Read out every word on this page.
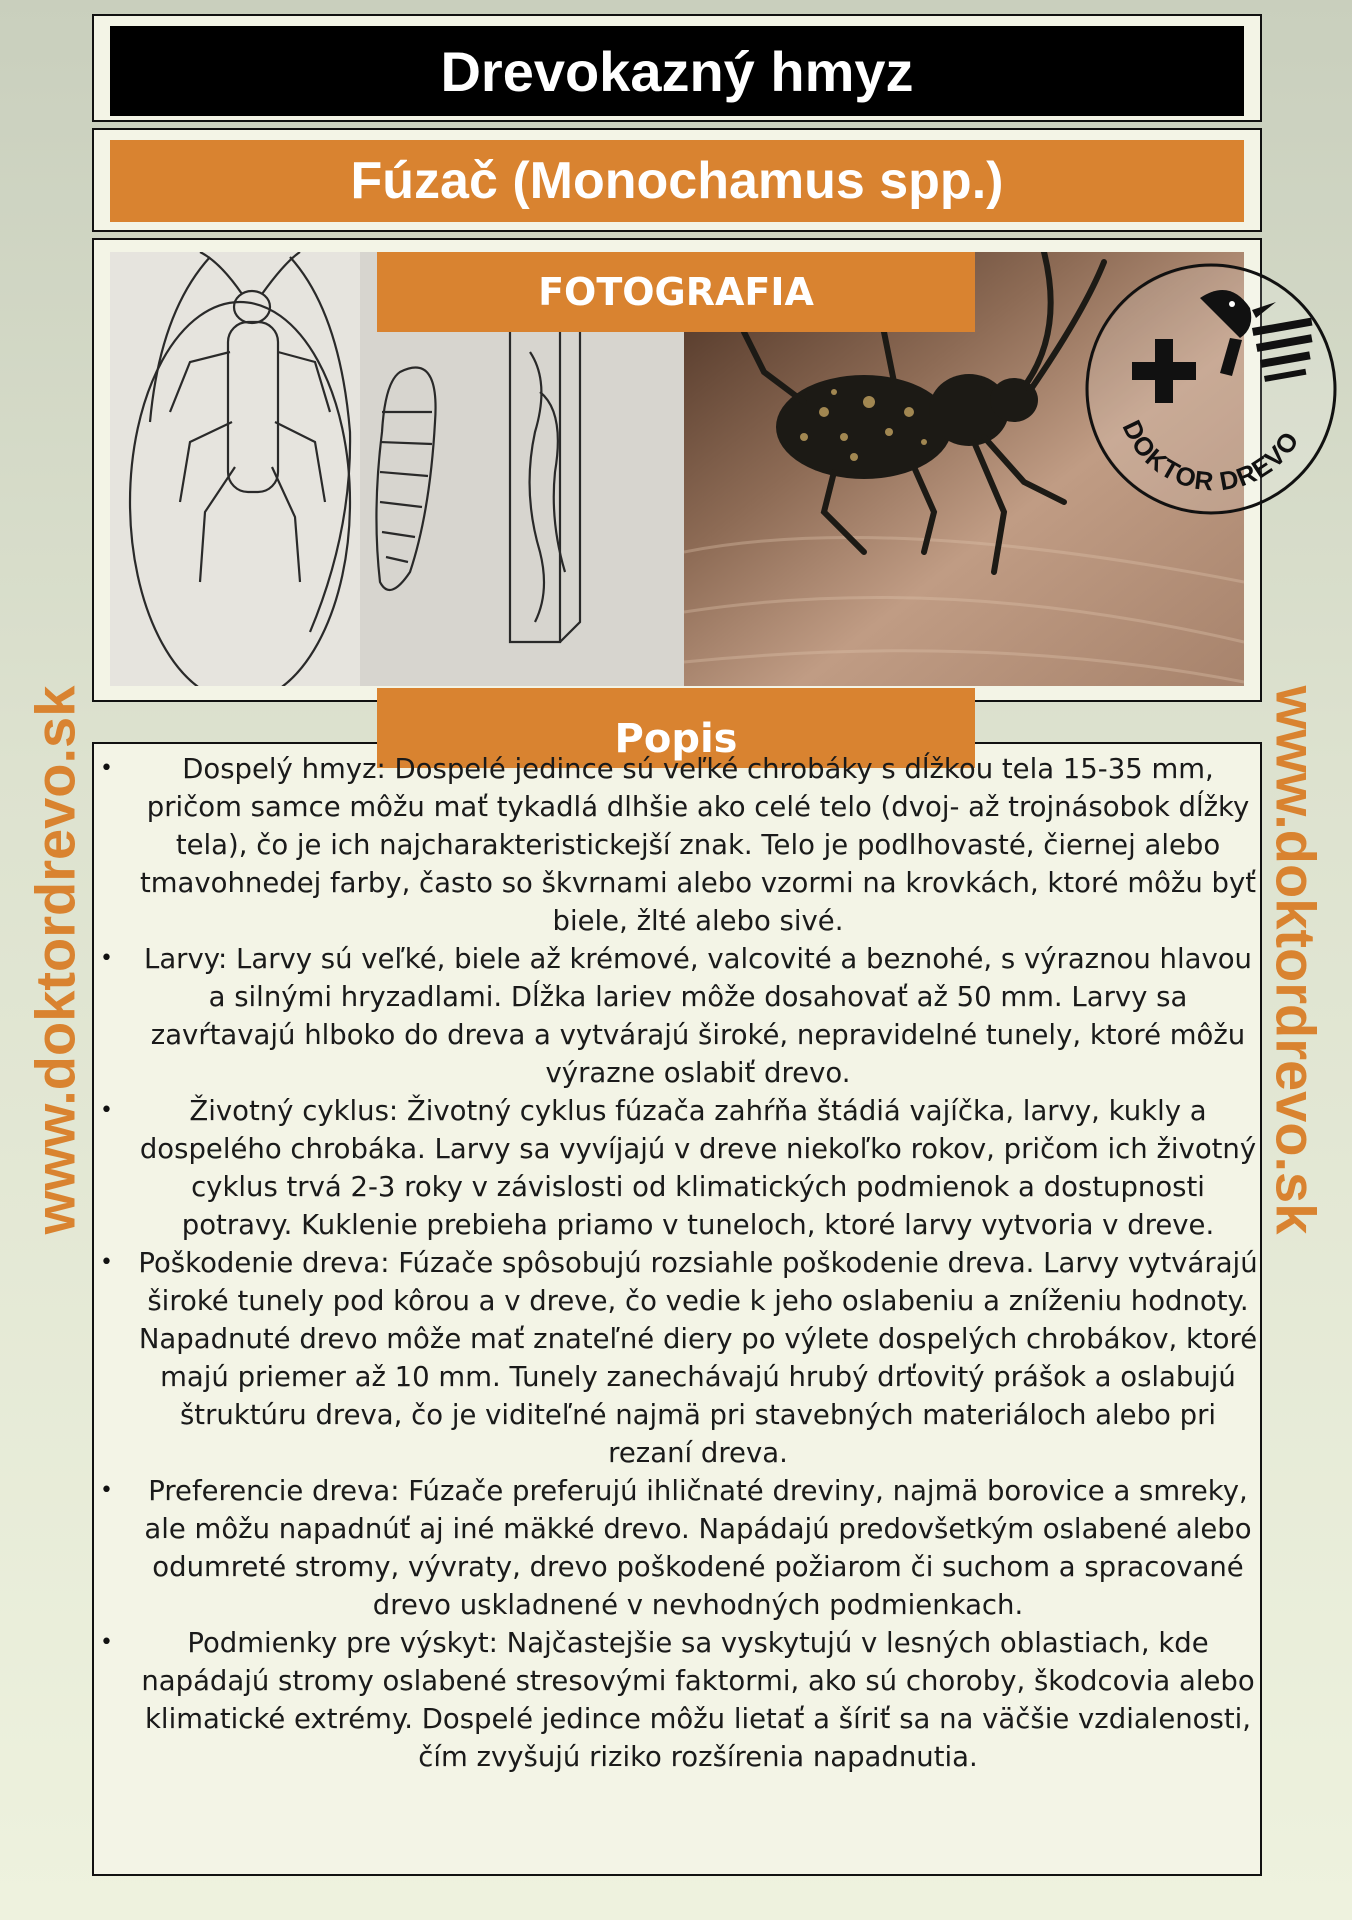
Drevokazný hmyz
Fúzač (Monochamus spp.)
FOTOGRAFIA
DOKTOR DREVO
Popis
• Dospelý hmyz: Dospelé jedince sú veľké chrobáky s dĺžkou tela 15-35 mm, pričom samce môžu mať tykadlá dlhšie ako celé telo (dvoj- až trojnásobok dĺžky tela), čo je ich najcharakteristickejší znak. Telo je podlhovasté, čiernej alebo tmavohnedej farby, často so škvrnami alebo vzormi na krovkách, ktoré môžu byť biele, žlté alebo sivé.
• Larvy: Larvy sú veľké, biele až krémové, valcovité a beznohé, s výraznou hlavou a silnými hryzadlami. Dĺžka lariev môže dosahovať až 50 mm. Larvy sa zavŕtavajú hlboko do dreva a vytvárajú široké, nepravidelné tunely, ktoré môžu výrazne oslabiť drevo.
• Životný cyklus: Životný cyklus fúzača zahŕňa štádiá vajíčka, larvy, kukly a dospelého chrobáka. Larvy sa vyvíjajú v dreve niekoľko rokov, pričom ich životný cyklus trvá 2-3 roky v závislosti od klimatických podmienok a dostupnosti potravy. Kuklenie prebieha priamo v tuneloch, ktoré larvy vytvoria v dreve.
• Poškodenie dreva: Fúzače spôsobujú rozsiahle poškodenie dreva. Larvy vytvárajú široké tunely pod kôrou a v dreve, čo vedie k jeho oslabeniu a zníženiu hodnoty. Napadnuté drevo môže mať znateľné diery po výlete dospelých chrobákov, ktoré majú priemer až 10 mm. Tunely zanechávajú hrubý drťovitý prášok a oslabujú štruktúru dreva, čo je viditeľné najmä pri stavebných materiáloch alebo pri rezaní dreva.
• Preferencie dreva: Fúzače preferujú ihličnaté dreviny, najmä borovice a smreky, ale môžu napadnúť aj iné mäkké drevo. Napádajú predovšetkým oslabené alebo odumreté stromy, vývraty, drevo poškodené požiarom či suchom a spracované drevo uskladnené v nevhodných podmienkach.
• Podmienky pre výskyt: Najčastejšie sa vyskytujú v lesných oblastiach, kde napádajú stromy oslabené stresovými faktormi, ako sú choroby, škodcovia alebo klimatické extrémy. Dospelé jedince môžu lietať a šíriť sa na väčšie vzdialenosti, čím zvyšujú riziko rozšírenia napadnutia.
www.doktordrevo.sk	www.doktordrevo.sk
